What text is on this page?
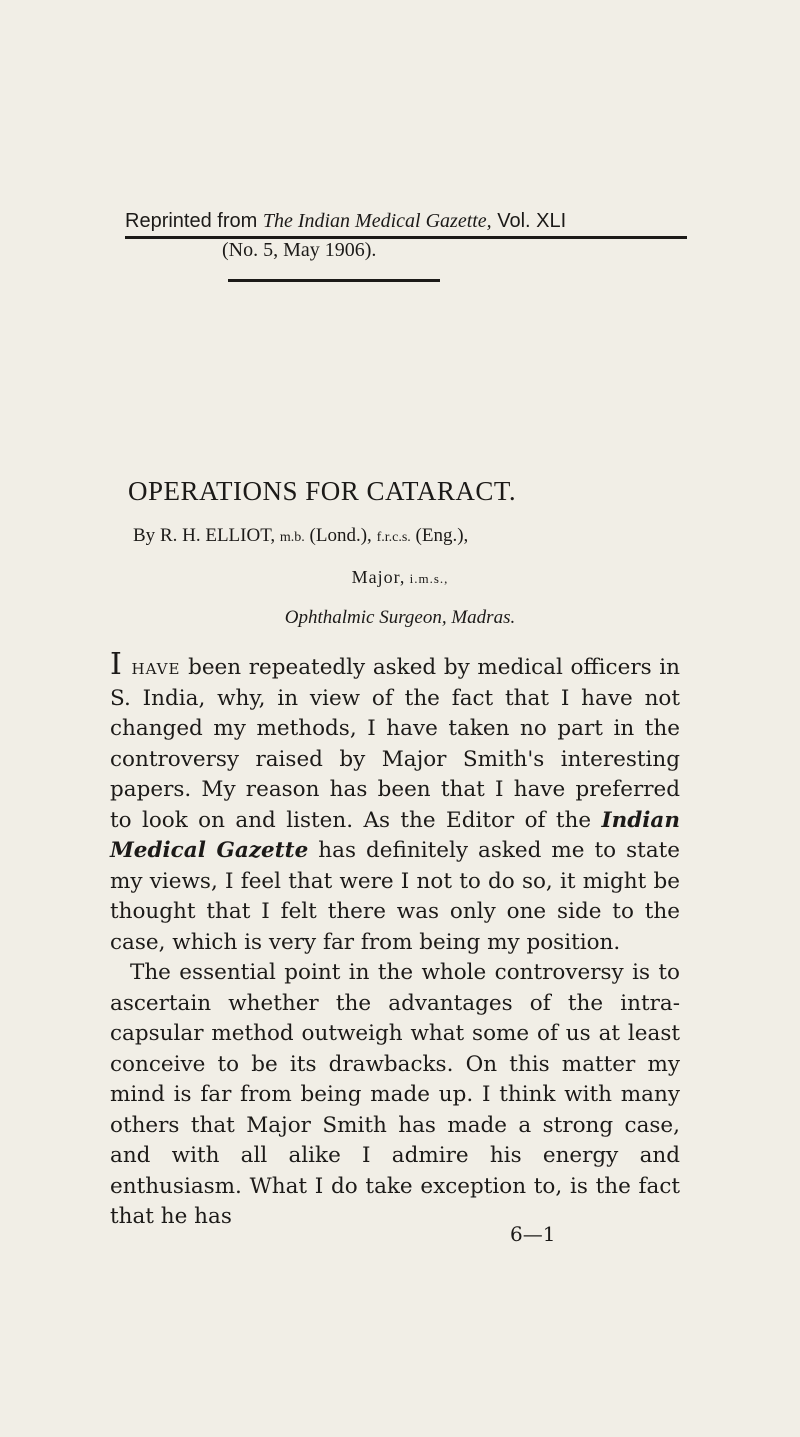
Reprinted from The Indian Medical Gazette, Vol. XLI
(No. 5, May 1906).
OPERATIONS FOR CATARACT.
By R. H. ELLIOT, m.b. (Lond.), f.r.c.s. (Eng.),
Major, i.m.s.,
Ophthalmic Surgeon, Madras.

I have been repeatedly asked by medical officers in S. India, why, in view of the fact that I have not changed my methods, I have taken no part in the controversy raised by Major Smith's interesting papers. My reason has been that I have preferred to look on and listen. As the Editor of the Indian Medical Gazette has definitely asked me to state my views, I feel that were I not to do so, it might be thought that I felt there was only one side to the case, which is very far from being my position.

The essential point in the whole controversy is to ascertain whether the advantages of the intra-capsular method outweigh what some of us at least conceive to be its drawbacks. On this matter my mind is far from being made up. I think with many others that Major Smith has made a strong case, and with all alike I admire his energy and enthusiasm. What I do take exception to, is the fact that he has

6—1
